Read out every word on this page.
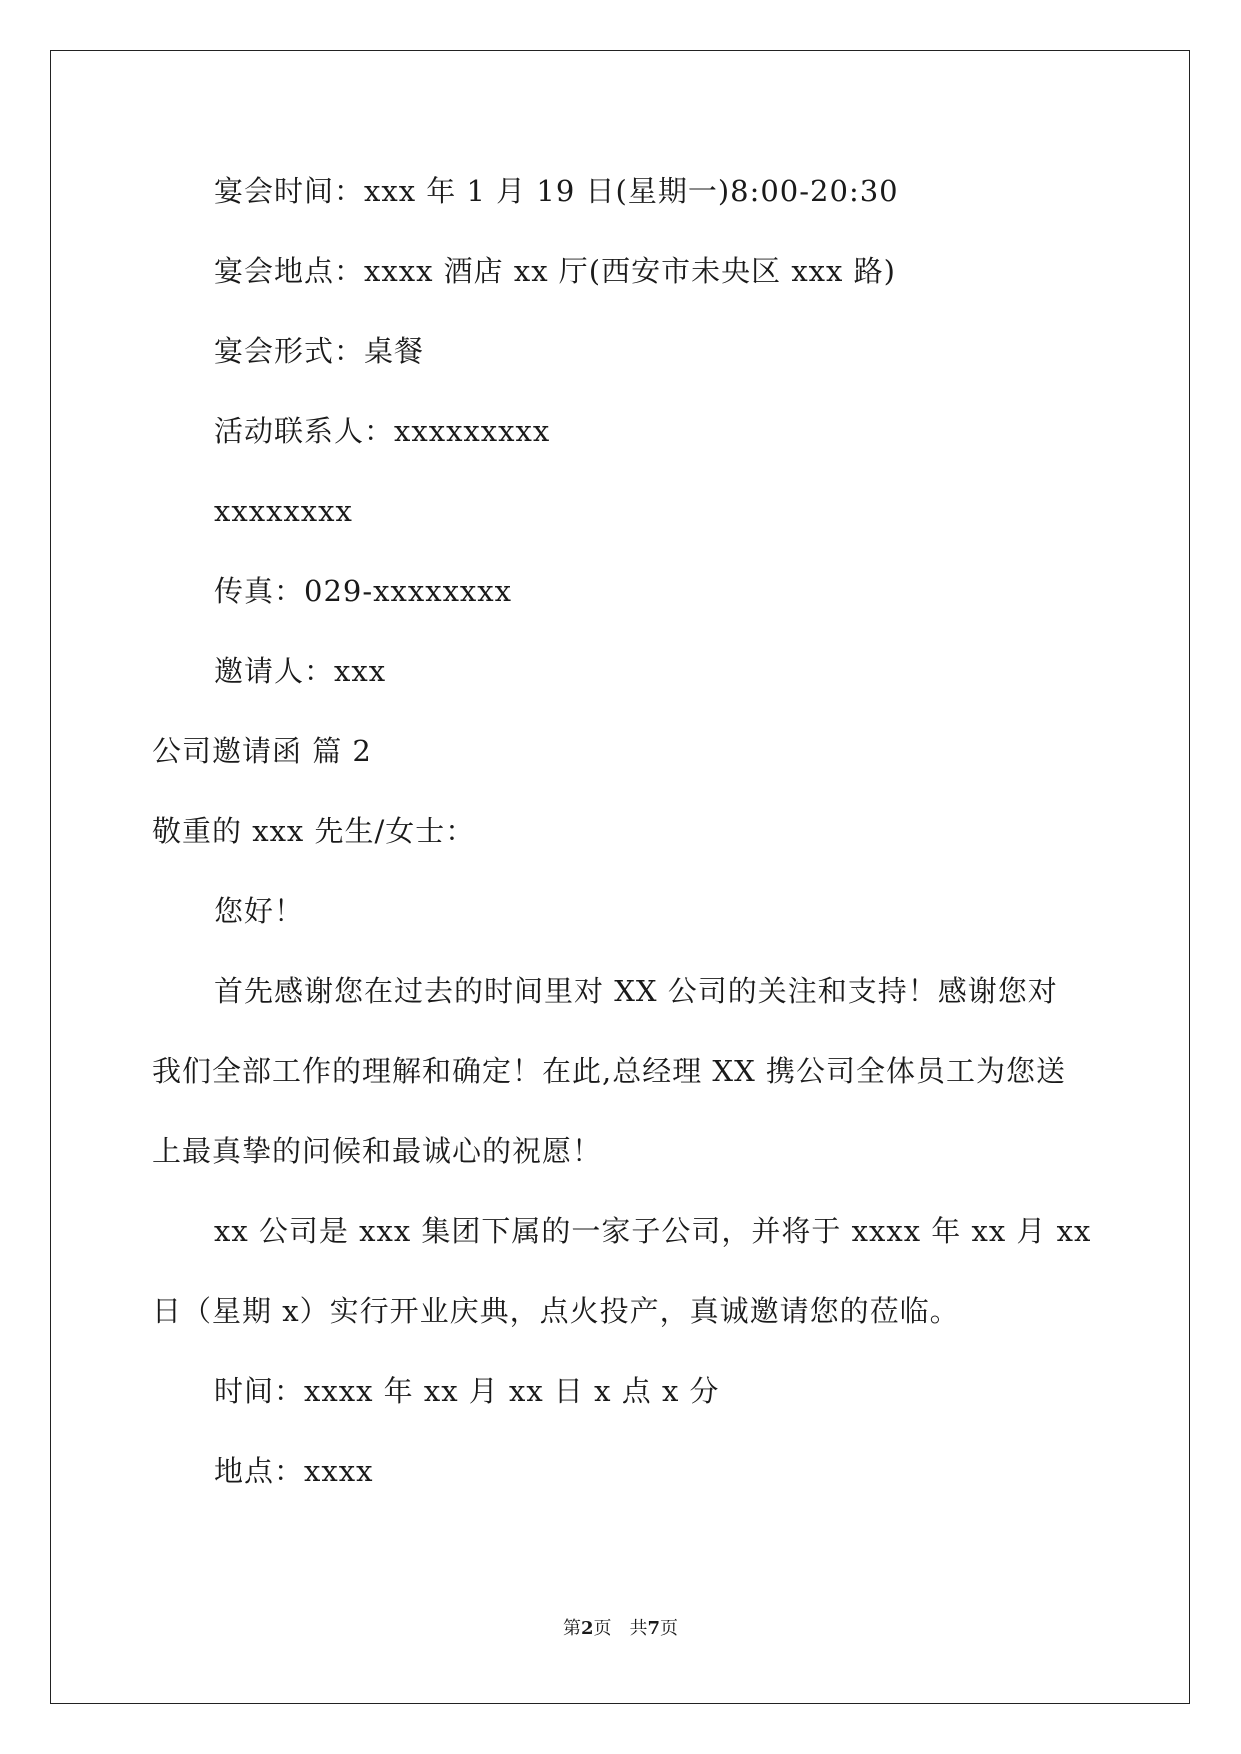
宴会时间：xxx 年 1 月 19 日(星期一)8:00-20:30
宴会地点：xxxx 酒店 xx 厅(西安市未央区 xxx 路)
宴会形式：桌餐
活动联系人：xxxxxxxxx
xxxxxxxx
传真：029-xxxxxxxx
邀请人：xxx
公司邀请函 篇 2
敬重的 xxx 先生/女士：
您好！
首先感谢您在过去的时间里对 XX 公司的关注和支持！感谢您对
我们全部工作的理解和确定！在此,总经理 XX 携公司全体员工为您送
上最真挚的问候和最诚心的祝愿！
xx 公司是 xxx 集团下属的一家子公司，并将于 xxxx 年 xx 月 xx
日（星期 x）实行开业庆典，点火投产，真诚邀请您的莅临。
时间：xxxx 年 xx 月 xx 日 x 点 x 分
地点：xxxx
第2页　共7页
